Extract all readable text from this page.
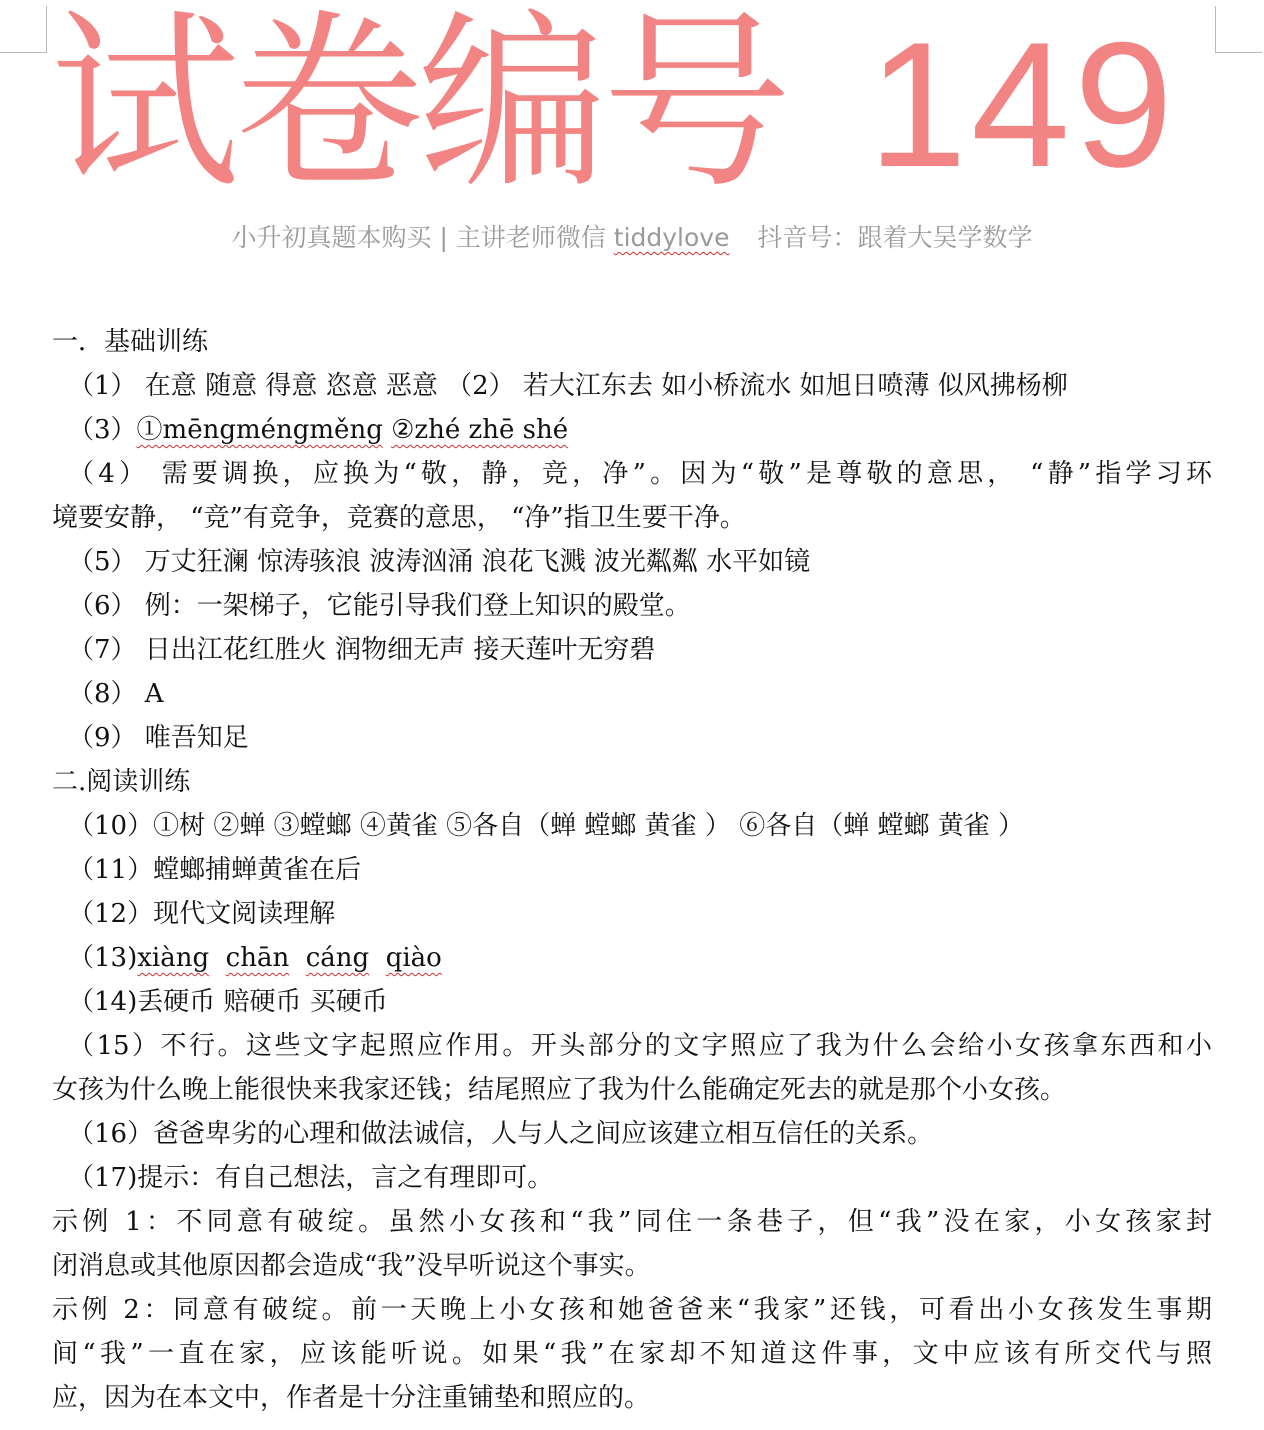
试卷编号 149
小升初真题本购买 | 主讲老师微信 tiddylove 抖音号：跟着大吴学数学
一．基础训练
（1） 在意 随意 得意 恣意 恶意 （2） 若大江东去 如小桥流水 如旭日喷薄 似风拂杨柳
（3）①mēngméngměng ②zhé zhē shé
（4） 需要调换，应换为“敬，静，竞，净”。因为“敬”是尊敬的意思， “静”指学习环
境要安静， “竞”有竞争，竞赛的意思， “净”指卫生要干净。
（5） 万丈狂澜 惊涛骇浪 波涛汹涌 浪花飞溅 波光粼粼 水平如镜
（6） 例：一架梯子，它能引导我们登上知识的殿堂。
（7） 日出江花红胜火 润物细无声 接天莲叶无穷碧
（8） A
（9） 唯吾知足
二.阅读训练
（10）①树 ②蝉 ③螳螂 ④黄雀 ⑤各自（蝉 螳螂 黄雀 ） ⑥各自（蝉 螳螂 黄雀 ）
（11）螳螂捕蝉黄雀在后
（12）现代文阅读理解
（13)xiàng chān cáng qiào
（14)丢硬币 赔硬币 买硬币
（15）不行。这些文字起照应作用。开头部分的文字照应了我为什么会给小女孩拿东西和小
女孩为什么晚上能很快来我家还钱；结尾照应了我为什么能确定死去的就是那个小女孩。
（16）爸爸卑劣的心理和做法诚信，人与人之间应该建立相互信任的关系。
（17)提示：有自己想法，言之有理即可。
示例 1：不同意有破绽。虽然小女孩和“我”同住一条巷子，但“我”没在家，小女孩家封
闭消息或其他原因都会造成“我”没早听说这个事实。
示例 2：同意有破绽。前一天晚上小女孩和她爸爸来“我家”还钱，可看出小女孩发生事期
间“我”一直在家，应该能听说。如果“我”在家却不知道这件事，文中应该有所交代与照
应，因为在本文中，作者是十分注重铺垫和照应的。
